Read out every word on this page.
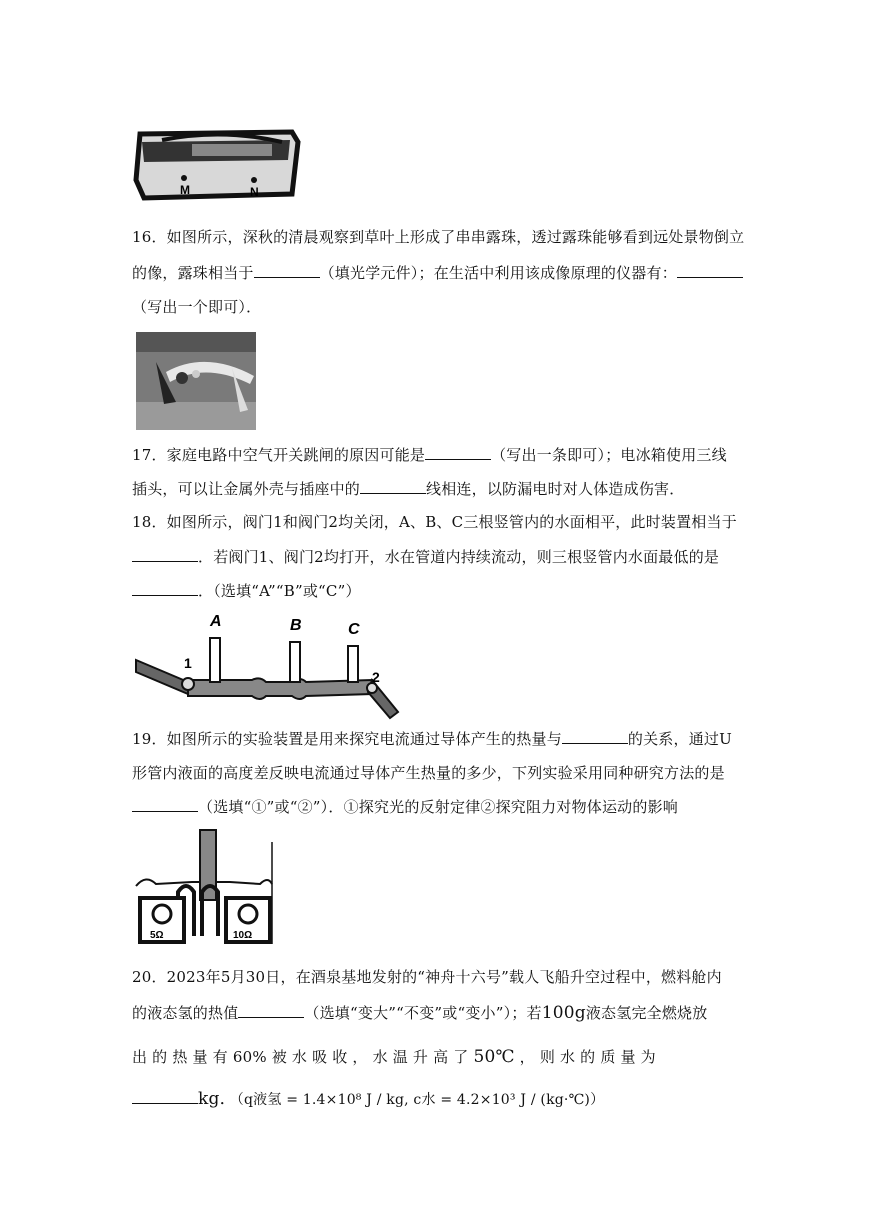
M	N
16．如图所示，深秋的清晨观察到草叶上形成了串串露珠，透过露珠能够看到远处景物倒立
的像，露珠相当于	（填光学元件）；在生活中利用该成像原理的仪器有：
（写出一个即可）．
17．家庭电路中空气开关跳闸的原因可能是	（写出一条即可）；电冰箱使用三线
插头，可以让金属外壳与插座中的	线相连，以防漏电时对人体造成伤害．
18．如图所示，阀门1和阀门2均关闭，A、B、C三根竖管内的水面相平，此时装置相当于
．若阀门1、阀门2均打开，水在管道内持续流动，则三根竖管内水面最低的是
．（选填“A”“B”或“C”）
A	B	C
1
2
19．如图所示的实验装置是用来探究电流通过导体产生的热量与	的关系，通过U
形管内液面的高度差反映电流通过导体产生热量的多少，下列实验采用同种研究方法的是
（选填“①”或“②”）．①探究光的反射定律②探究阻力对物体运动的影响
5Ω	10Ω
20．2023年5月30日，在酒泉基地发射的“神舟十六号”载人飞船升空过程中，燃料舱内
的液态氢的热值	（选填“变大”“不变”或“变小”）；若100g液态氢完全燃烧放
出 的 热 量 有 60% 被 水 吸 收 ， 水 温 升 高 了 50℃ ， 则 水 的 质 量 为
kg．（q液氢 = 1.4×10⁸ J / kg, c水 = 4.2×10³ J / (kg·℃)）
